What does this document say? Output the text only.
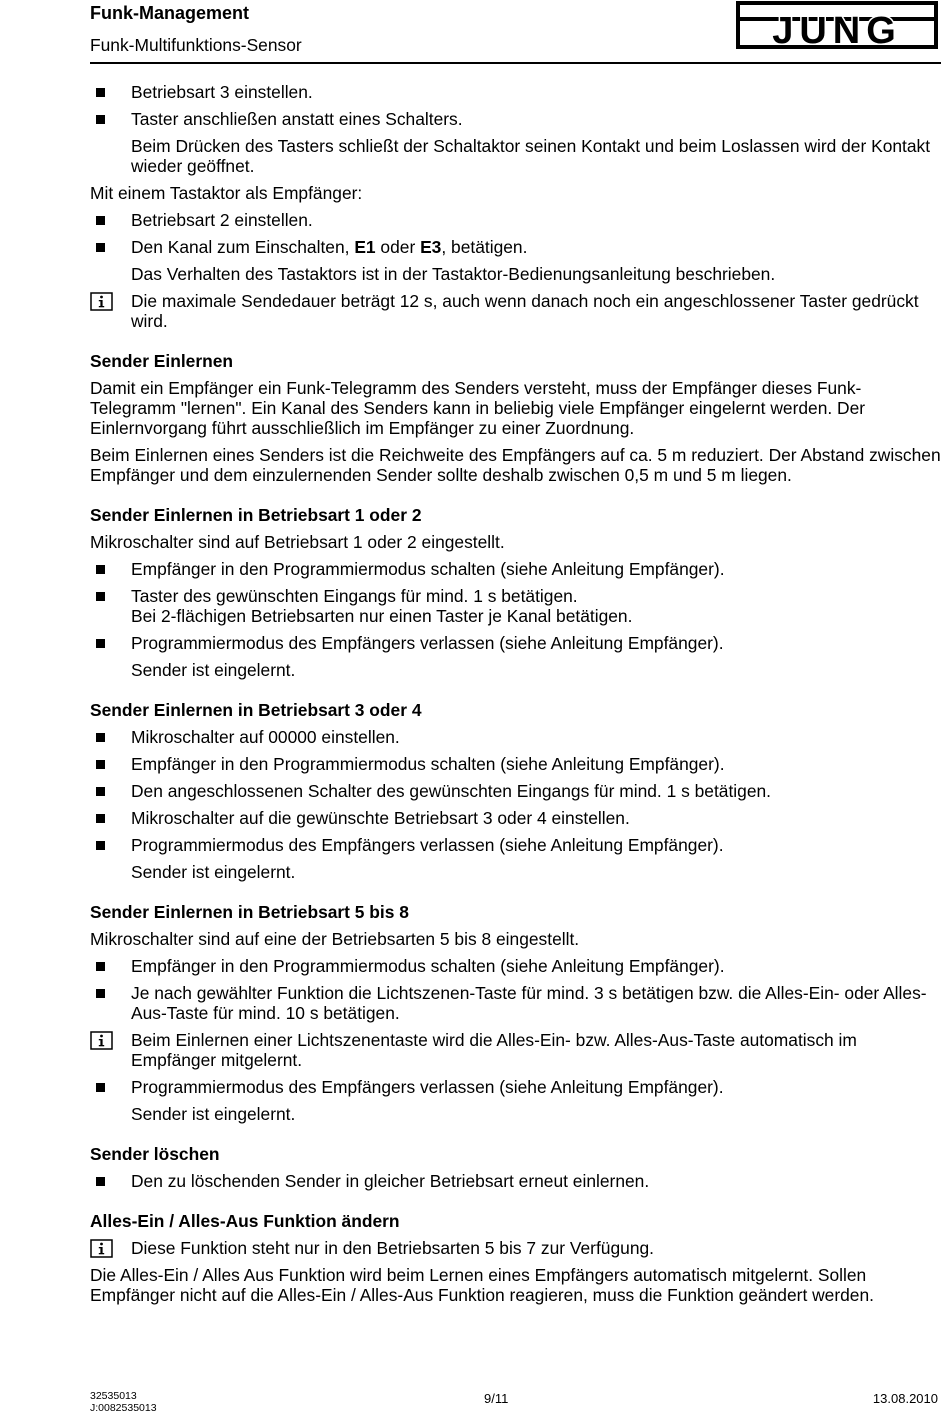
Funk-Management
Funk-Multifunktions-Sensor	JUNG
Betriebsart 3 einstellen.
Taster anschließen anstatt eines Schalters.
Beim Drücken des Tasters schließt der Schaltaktor seinen Kontakt und beim Loslassen wird der Kontakt wieder geöffnet.
Mit einem Tastaktor als Empfänger:
Betriebsart 2 einstellen.
Den Kanal zum Einschalten, E1 oder E3, betätigen.
Das Verhalten des Tastaktors ist in der Tastaktor-Bedienungsanleitung beschrieben.
Die maximale Sendedauer beträgt 12 s, auch wenn danach noch ein angeschlossener Taster gedrückt wird.
Sender Einlernen
Damit ein Empfänger ein Funk-Telegramm des Senders versteht, muss der Empfänger dieses Funk-Telegramm "lernen". Ein Kanal des Senders kann in beliebig viele Empfänger eingelernt werden. Der Einlernvorgang führt ausschließlich im Empfänger zu einer Zuordnung.
Beim Einlernen eines Senders ist die Reichweite des Empfängers auf ca. 5 m reduziert. Der Abstand zwischen Empfänger und dem einzulernenden Sender sollte deshalb zwischen 0,5 m und 5 m liegen.
Sender Einlernen in Betriebsart 1 oder 2
Mikroschalter sind auf Betriebsart 1 oder 2 eingestellt.
Empfänger in den Programmiermodus schalten (siehe Anleitung Empfänger).
Taster des gewünschten Eingangs für mind. 1 s betätigen.
Bei 2-flächigen Betriebsarten nur einen Taster je Kanal betätigen.
Programmiermodus des Empfängers verlassen (siehe Anleitung Empfänger).
Sender ist eingelernt.
Sender Einlernen in Betriebsart 3 oder 4
Mikroschalter auf 00000 einstellen.
Empfänger in den Programmiermodus schalten (siehe Anleitung Empfänger).
Den angeschlossenen Schalter des gewünschten Eingangs für mind. 1 s betätigen.
Mikroschalter auf die gewünschte Betriebsart 3 oder 4 einstellen.
Programmiermodus des Empfängers verlassen (siehe Anleitung Empfänger).
Sender ist eingelernt.
Sender Einlernen in Betriebsart 5 bis 8
Mikroschalter sind auf eine der Betriebsarten 5 bis 8 eingestellt.
Empfänger in den Programmiermodus schalten (siehe Anleitung Empfänger).
Je nach gewählter Funktion die Lichtszenen-Taste für mind. 3 s betätigen bzw. die Alles-Ein- oder Alles-Aus-Taste für mind. 10 s betätigen.
Beim Einlernen einer Lichtszenentaste wird die Alles-Ein- bzw. Alles-Aus-Taste automatisch im Empfänger mitgelernt.
Programmiermodus des Empfängers verlassen (siehe Anleitung Empfänger).
Sender ist eingelernt.
Sender löschen
Den zu löschenden Sender in gleicher Betriebsart erneut einlernen.
Alles-Ein / Alles-Aus Funktion ändern
Diese Funktion steht nur in den Betriebsarten 5 bis 7 zur Verfügung.
Die Alles-Ein / Alles Aus Funktion wird beim Lernen eines Empfängers automatisch mitgelernt. Sollen Empfänger nicht auf die Alles-Ein / Alles-Aus Funktion reagieren, muss die Funktion geändert werden.
32535013
J:0082535013
9/11	13.08.2010
